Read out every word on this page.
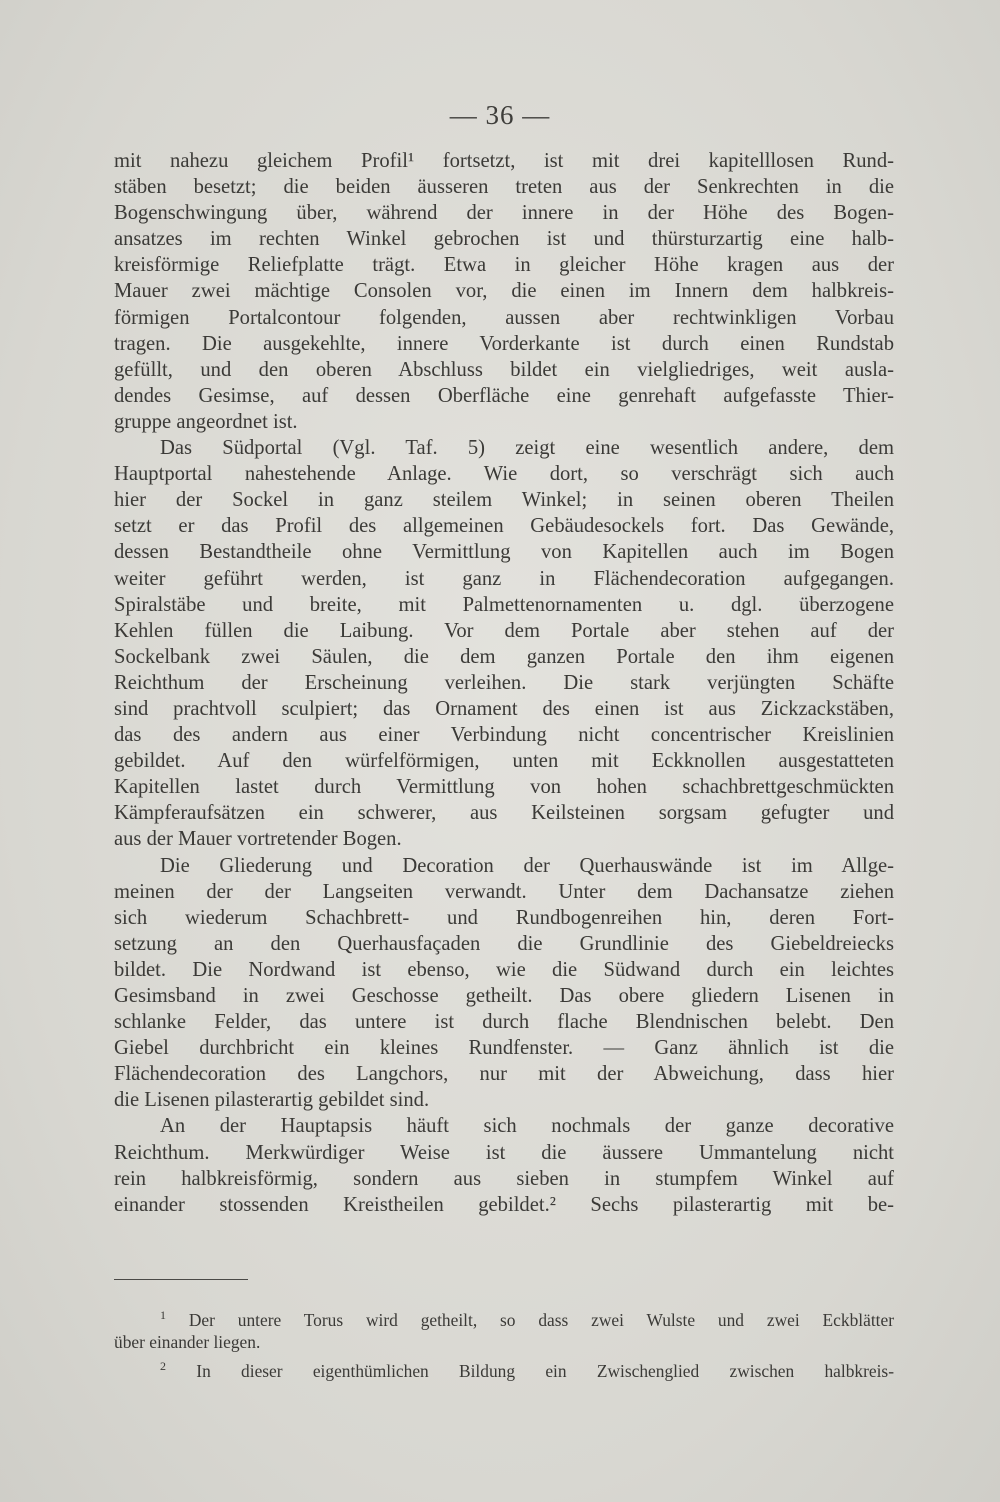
— 36 —
mit nahezu gleichem Profil¹ fortsetzt, ist mit drei kapitelllosen Rund-
stäben besetzt; die beiden äusseren treten aus der Senkrechten in die
Bogenschwingung über, während der innere in der Höhe des Bogen-
ansatzes im rechten Winkel gebrochen ist und thürsturzartig eine halb-
kreisförmige Reliefplatte trägt. Etwa in gleicher Höhe kragen aus der
Mauer zwei mächtige Consolen vor, die einen im Innern dem halbkreis-
förmigen Portalcontour folgenden, aussen aber rechtwinkligen Vorbau
tragen. Die ausgekehlte, innere Vorderkante ist durch einen Rundstab
gefüllt, und den oberen Abschluss bildet ein vielgliedriges, weit ausla-
dendes Gesimse, auf dessen Oberfläche eine genrehaft aufgefasste Thier-
gruppe angeordnet ist.
Das Südportal (Vgl. Taf. 5) zeigt eine wesentlich andere, dem
Hauptportal nahestehende Anlage. Wie dort, so verschrägt sich auch
hier der Sockel in ganz steilem Winkel; in seinen oberen Theilen
setzt er das Profil des allgemeinen Gebäudesockels fort. Das Gewände,
dessen Bestandtheile ohne Vermittlung von Kapitellen auch im Bogen
weiter geführt werden, ist ganz in Flächendecoration aufgegangen.
Spiralstäbe und breite, mit Palmettenornamenten u. dgl. überzogene
Kehlen füllen die Laibung. Vor dem Portale aber stehen auf der
Sockelbank zwei Säulen, die dem ganzen Portale den ihm eigenen
Reichthum der Erscheinung verleihen. Die stark verjüngten Schäfte
sind prachtvoll sculpiert; das Ornament des einen ist aus Zickzackstäben,
das des andern aus einer Verbindung nicht concentrischer Kreislinien
gebildet. Auf den würfelförmigen, unten mit Eckknollen ausgestatteten
Kapitellen lastet durch Vermittlung von hohen schachbrettgeschmückten
Kämpferaufsätzen ein schwerer, aus Keilsteinen sorgsam gefugter und
aus der Mauer vortretender Bogen.
Die Gliederung und Decoration der Querhauswände ist im Allge-
meinen der der Langseiten verwandt. Unter dem Dachansatze ziehen
sich wiederum Schachbrett- und Rundbogenreihen hin, deren Fort-
setzung an den Querhausfaçaden die Grundlinie des Giebeldreiecks
bildet. Die Nordwand ist ebenso, wie die Südwand durch ein leichtes
Gesimsband in zwei Geschosse getheilt. Das obere gliedern Lisenen in
schlanke Felder, das untere ist durch flache Blendnischen belebt. Den
Giebel durchbricht ein kleines Rundfenster. — Ganz ähnlich ist die
Flächendecoration des Langchors, nur mit der Abweichung, dass hier
die Lisenen pilasterartig gebildet sind.
An der Hauptapsis häuft sich nochmals der ganze decorative
Reichthum. Merkwürdiger Weise ist die äussere Ummantelung nicht
rein halbkreisförmig, sondern aus sieben in stumpfem Winkel auf
einander stossenden Kreistheilen gebildet.² Sechs pilasterartig mit be-
$^1$ Der untere Torus wird getheilt, so dass zwei Wulste und zwei Eckblätter
über einander liegen.
$^2$ In dieser eigenthümlichen Bildung ein Zwischenglied zwischen halbkreis-
